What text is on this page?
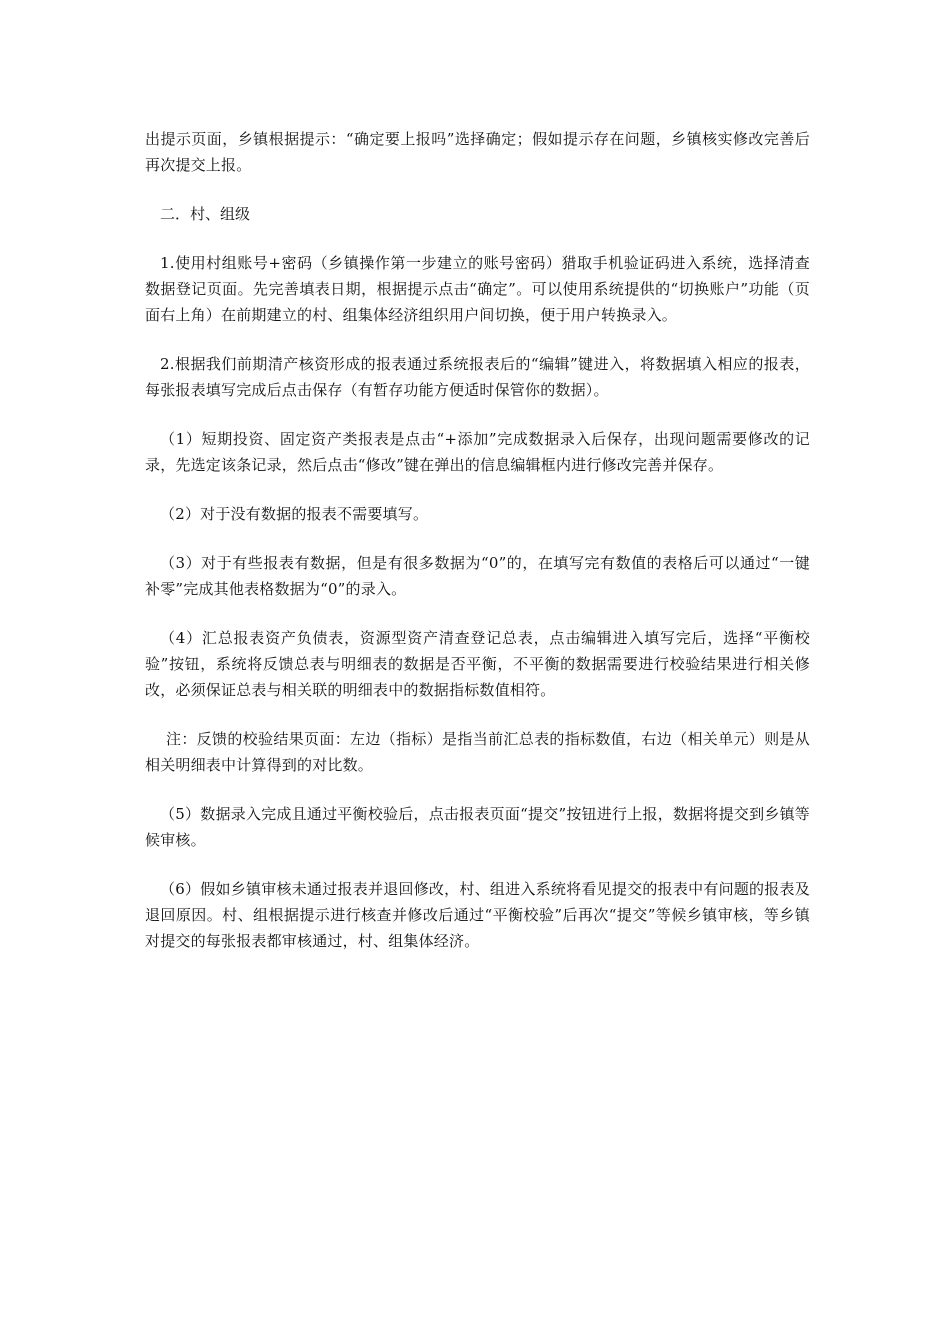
出提示页面，乡镇根据提示：“确定要上报吗”选择确定；假如提示存在问题，乡镇核实修改完善后再次提交上报。

二．村、组级

1.使用村组账号+密码（乡镇操作第一步建立的账号密码）猎取手机验证码进入系统，选择清查数据登记页面。先完善填表日期，根据提示点击“确定”。可以使用系统提供的“切换账户”功能（页面右上角）在前期建立的村、组集体经济组织用户间切换，便于用户转换录入。

2.根据我们前期清产核资形成的报表通过系统报表后的“编辑”键进入，将数据填入相应的报表，每张报表填写完成后点击保存（有暂存功能方便适时保管你的数据）。

（1）短期投资、固定资产类报表是点击“+添加”完成数据录入后保存，出现问题需要修改的记录，先选定该条记录，然后点击“修改”键在弹出的信息编辑框内进行修改完善并保存。

（2）对于没有数据的报表不需要填写。

（3）对于有些报表有数据，但是有很多数据为“0”的，在填写完有数值的表格后可以通过“一键补零”完成其他表格数据为“0”的录入。

（4）汇总报表资产负债表，资源型资产清查登记总表，点击编辑进入填写完后，选择“平衡校验”按钮，系统将反馈总表与明细表的数据是否平衡，不平衡的数据需要进行校验结果进行相关修改，必须保证总表与相关联的明细表中的数据指标数值相符。

注：反馈的校验结果页面：左边（指标）是指当前汇总表的指标数值，右边（相关单元）则是从相关明细表中计算得到的对比数。

（5）数据录入完成且通过平衡校验后，点击报表页面“提交”按钮进行上报，数据将提交到乡镇等候审核。

（6）假如乡镇审核未通过报表并退回修改，村、组进入系统将看见提交的报表中有问题的报表及退回原因。村、组根据提示进行核查并修改后通过“平衡校验”后再次“提交”等候乡镇审核，等乡镇对提交的每张报表都审核通过，村、组集体经济。
